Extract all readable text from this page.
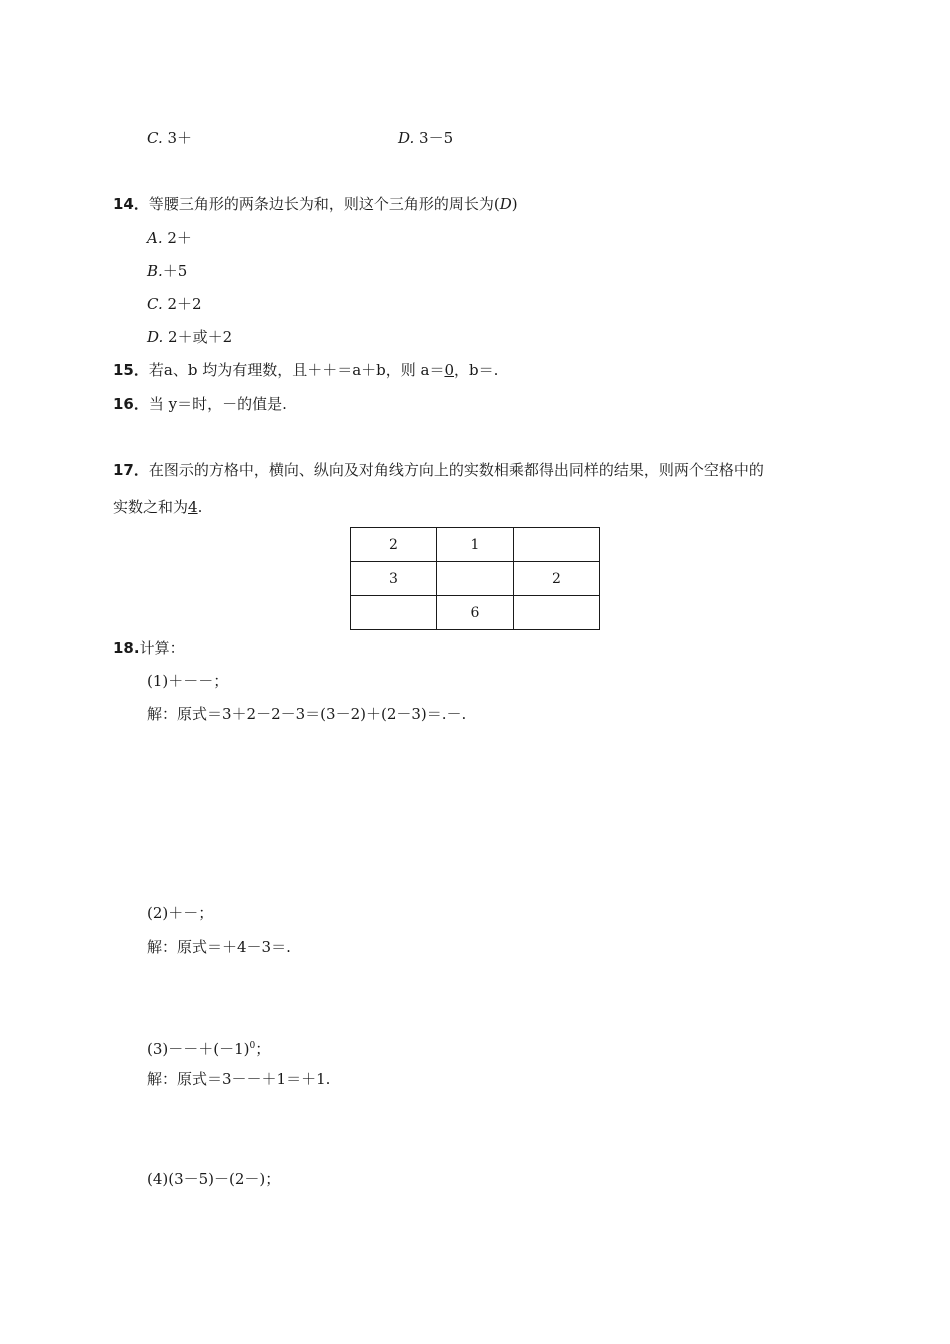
C. 3＋	D. 3－5
14．等腰三角形的两条边长为和，则这个三角形的周长为(D)
A. 2＋
B.＋5
C. 2＋2
D. 2＋或＋2
15．若a、b 均为有理数，且＋＋＝a＋b，则 a＝0，b＝.
16．当 y＝时，－的值是.
17．在图示的方格中，横向、纵向及对角线方向上的实数相乘都得出同样的结果，则两个空格中的
实数之和为4.
2	1	
3		2
	6	
18.计算：
(1)＋－－；
解：原式＝3＋2－2－3＝(3－2)＋(2－3)＝.－.
(2)＋－；
解：原式＝＋4－3＝.
$(3)--+(-1)^0$；
解：原式＝3－－＋1＝＋1.
(4)(3－5)－(2－)；
